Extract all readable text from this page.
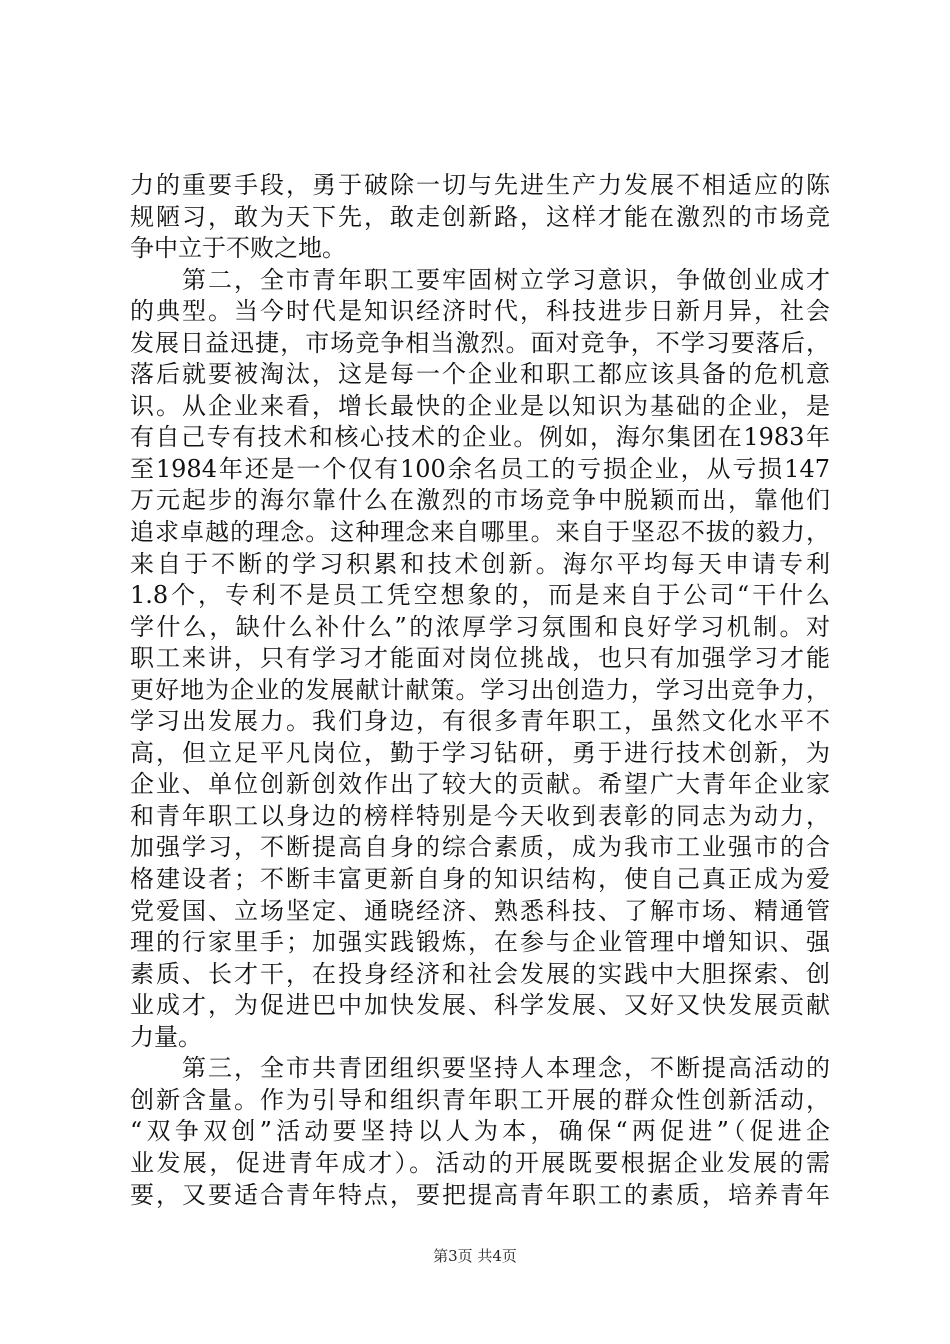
力的重要手段，勇于破除一切与先进生产力发展不相适应的陈
规陋习，敢为天下先，敢走创新路，这样才能在激烈的市场竞
争中立于不败之地。
　　第二，全市青年职工要牢固树立学习意识，争做创业成才
的典型。当今时代是知识经济时代，科技进步日新月异，社会
发展日益迅捷，市场竞争相当激烈。面对竞争，不学习要落后，
落后就要被淘汰，这是每一个企业和职工都应该具备的危机意
识。从企业来看，增长最快的企业是以知识为基础的企业，是
有自己专有技术和核心技术的企业。例如，海尔集团在1983年
至1984年还是一个仅有100余名员工的亏损企业，从亏损147
万元起步的海尔靠什么在激烈的市场竞争中脱颖而出，靠他们
追求卓越的理念。这种理念来自哪里。来自于坚忍不拔的毅力，
来自于不断的学习积累和技术创新。海尔平均每天申请专利
1.8个，专利不是员工凭空想象的，而是来自于公司“干什么
学什么，缺什么补什么”的浓厚学习氛围和良好学习机制。对
职工来讲，只有学习才能面对岗位挑战，也只有加强学习才能
更好地为企业的发展献计献策。学习出创造力，学习出竞争力，
学习出发展力。我们身边，有很多青年职工，虽然文化水平不
高，但立足平凡岗位，勤于学习钻研，勇于进行技术创新，为
企业、单位创新创效作出了较大的贡献。希望广大青年企业家
和青年职工以身边的榜样特别是今天收到表彰的同志为动力，
加强学习，不断提高自身的综合素质，成为我市工业强市的合
格建设者；不断丰富更新自身的知识结构，使自己真正成为爱
党爱国、立场坚定、通晓经济、熟悉科技、了解市场、精通管
理的行家里手；加强实践锻炼，在参与企业管理中增知识、强
素质、长才干，在投身经济和社会发展的实践中大胆探索、创
业成才，为促进巴中加快发展、科学发展、又好又快发展贡献
力量。
　　第三，全市共青团组织要坚持人本理念，不断提高活动的
创新含量。作为引导和组织青年职工开展的群众性创新活动，
“双争双创”活动要坚持以人为本，确保“两促进”（促进企
业发展，促进青年成才）。活动的开展既要根据企业发展的需
要，又要适合青年特点，要把提高青年职工的素质，培养青年
第3页 共4页
